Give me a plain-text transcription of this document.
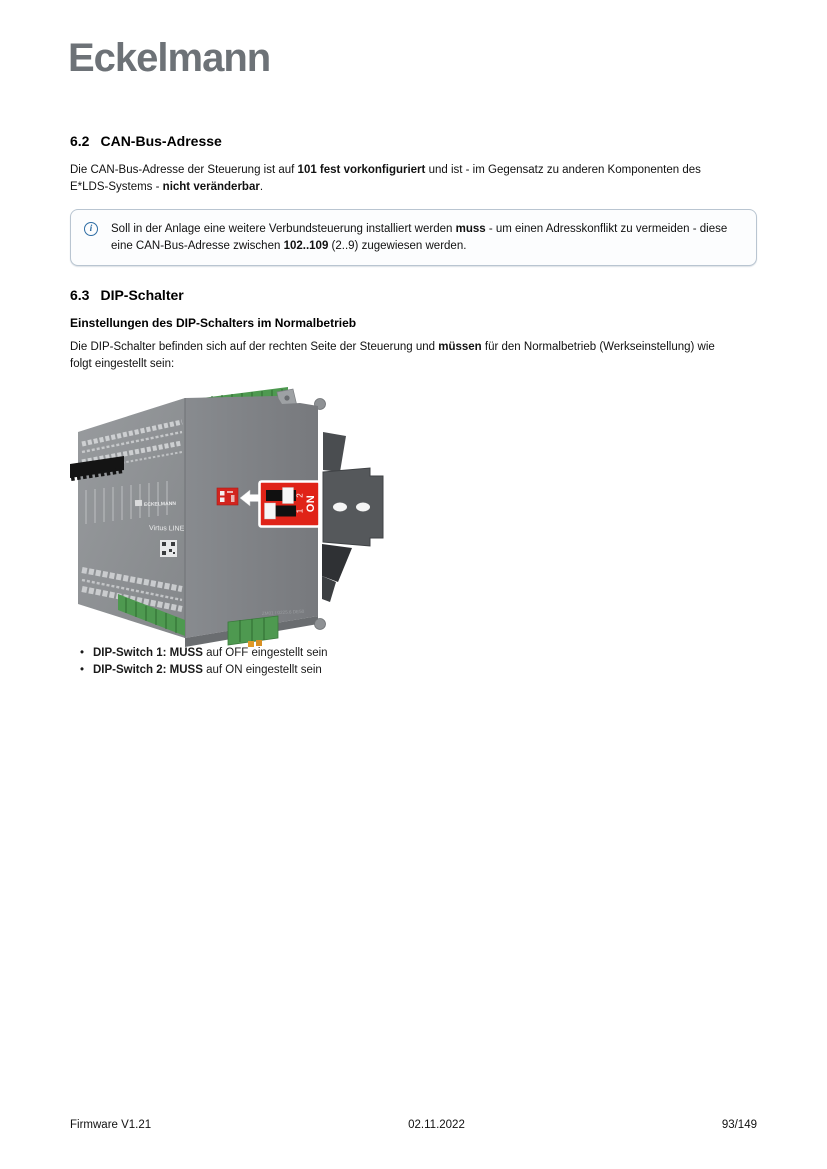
Eckelmann
6.2 CAN-Bus-Adresse

Die CAN-Bus-Adresse der Steuerung ist auf 101 fest vorkonfiguriert und ist - im Gegensatz zu anderen Komponenten des E*LDS-Systems - nicht veränderbar.

i	Soll in der Anlage eine weitere Verbundsteuerung installiert werden muss - um einen Adresskonflikt zu vermeiden - diese eine CAN-Bus-Adresse zwischen 102..109 (2..9) zugewiesen werden.

6.3 DIP-Schalter
Einstellungen des DIP-Schalters im Normalbetrieb

Die DIP-Schalter befinden sich auf der rechten Seite der Steuerung und müssen für den Normalbetrieb (Werkseinstellung) wie folgt eingestellt sein:

ECKELMANN
Virtus LINE
2
1 ON
ZM01 / 0225.6 DE50
• DIP-Switch 1: MUSS auf OFF eingestellt sein
• DIP-Switch 2: MUSS auf ON eingestellt sein
Firmware V1.21	02.11.2022	93/149
